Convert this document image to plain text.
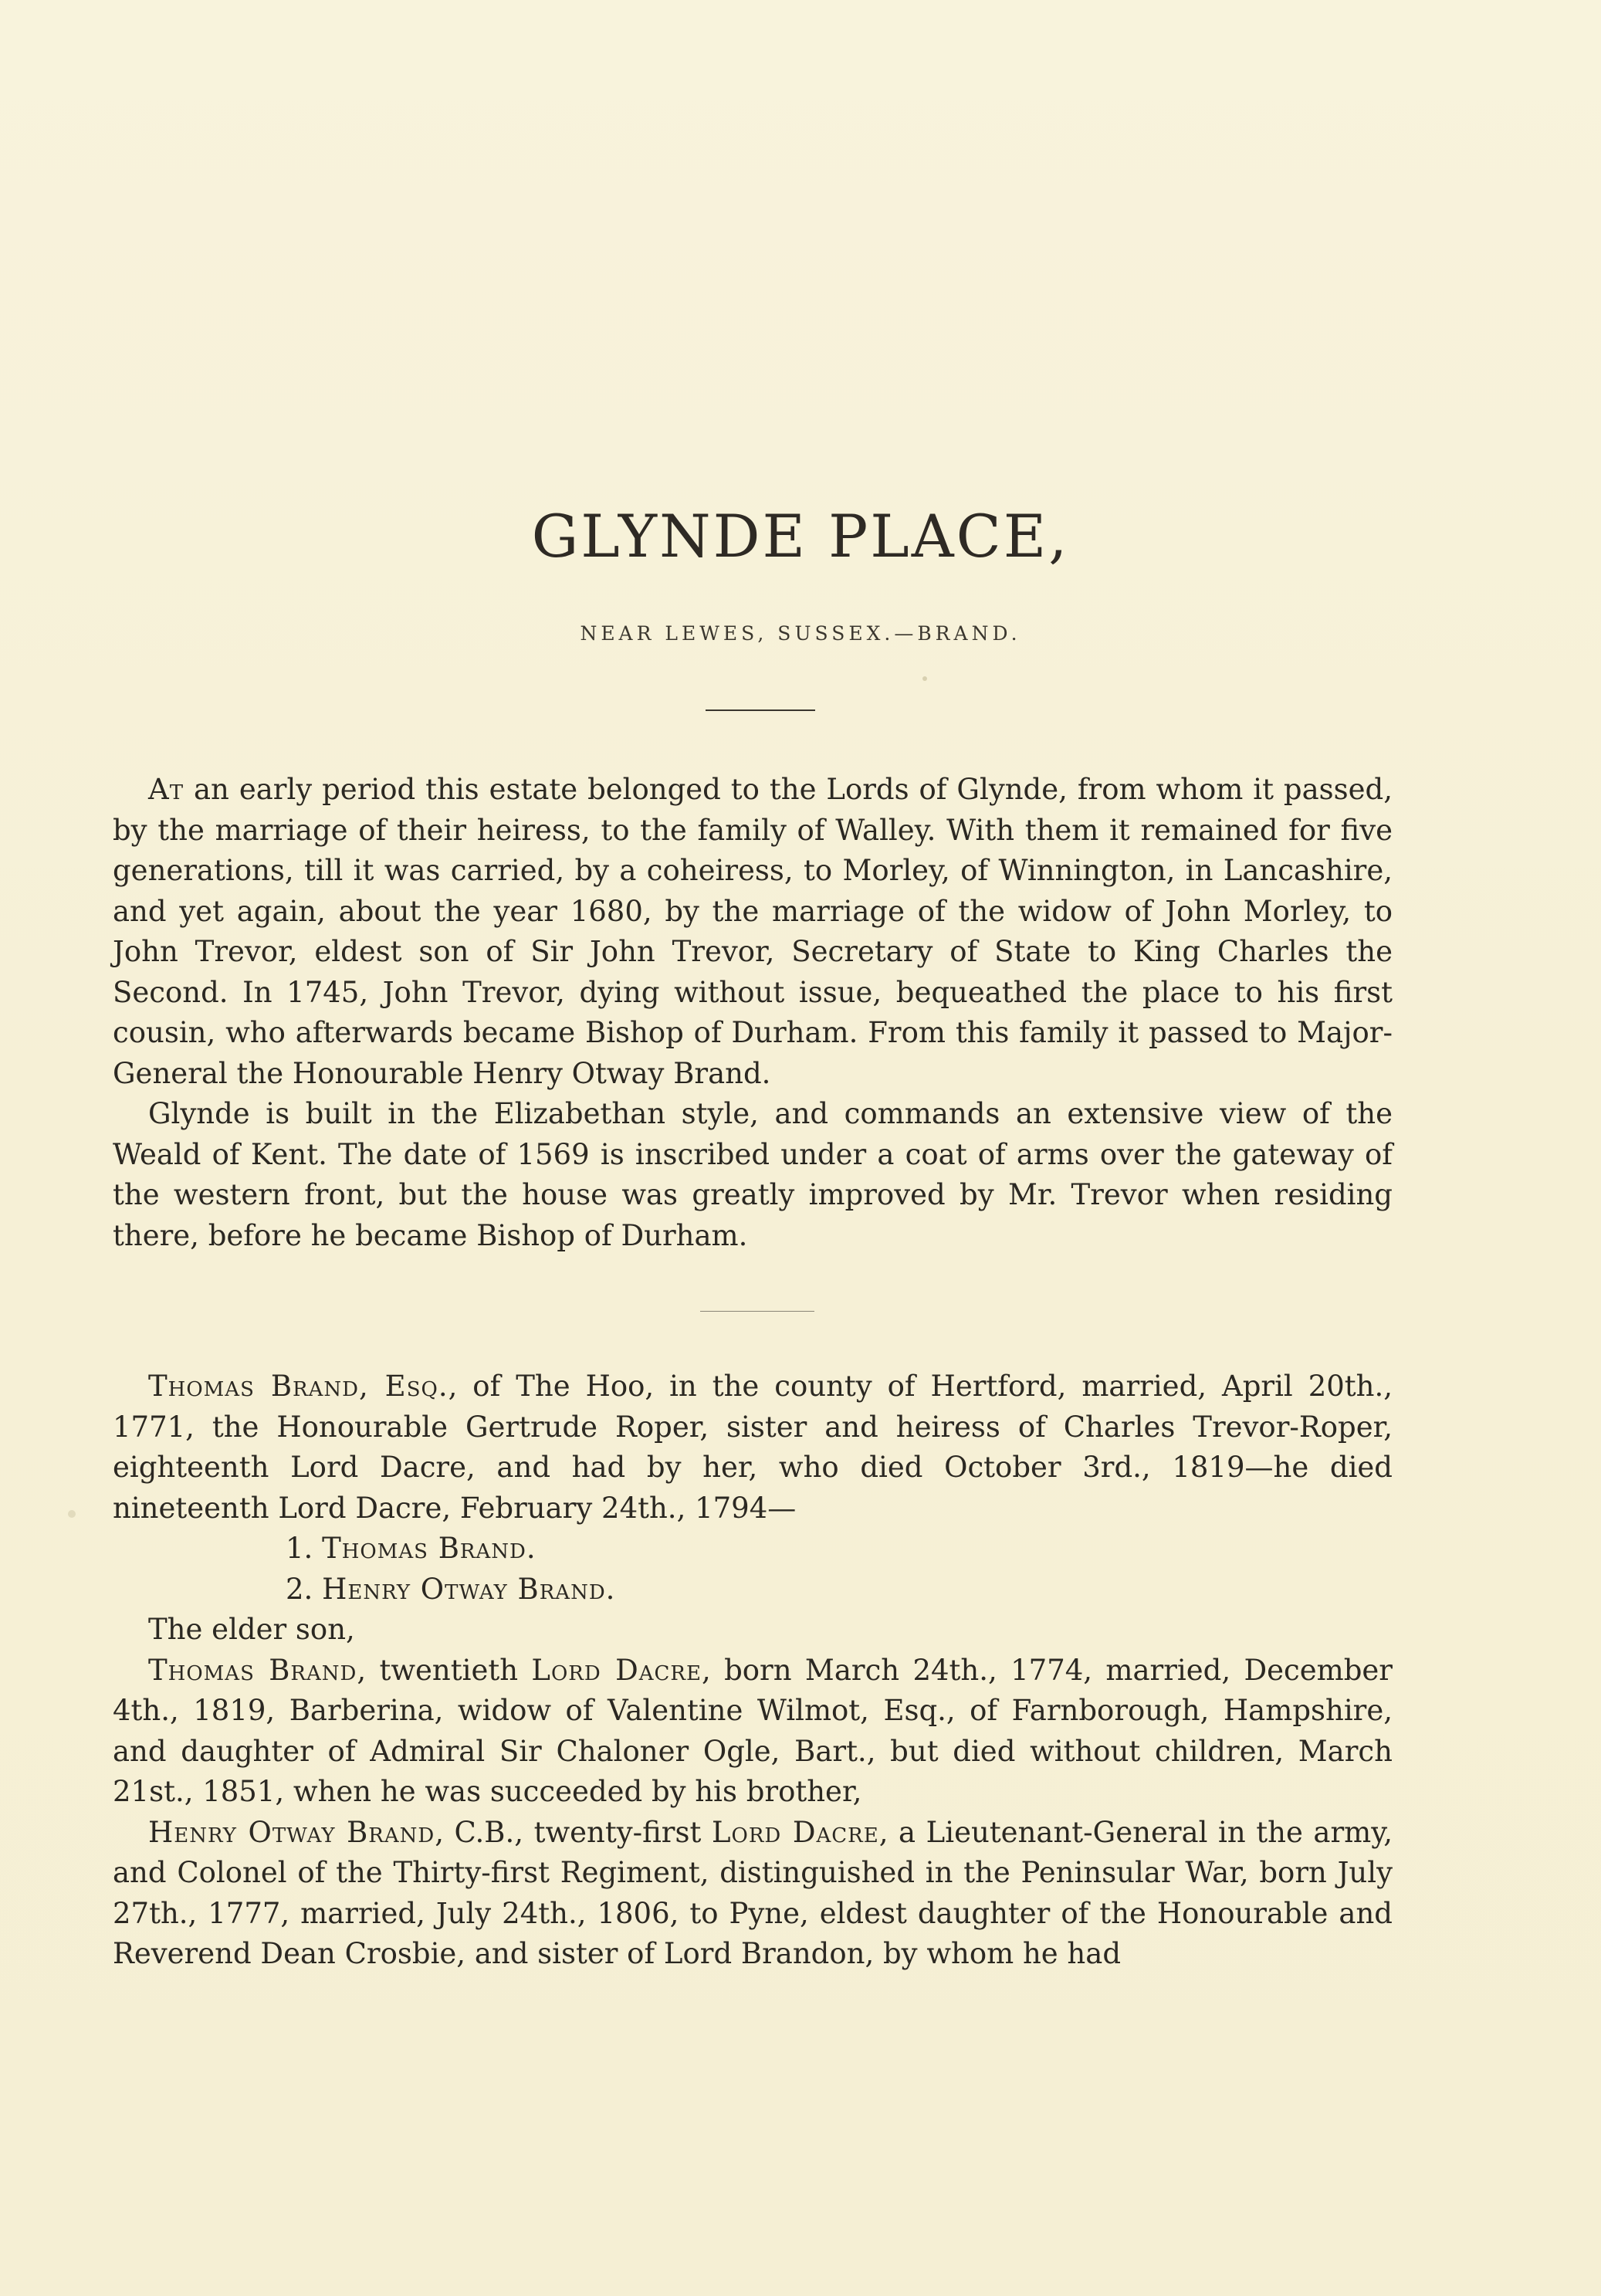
GLYNDE PLACE,
NEAR LEWES, SUSSEX.—BRAND.

At an early period this estate belonged to the Lords of Glynde, from whom it passed, by the marriage of their heiress, to the family of Walley. With them it remained for five generations, till it was carried, by a coheiress, to Morley, of Winnington, in Lancashire, and yet again, about the year 1680, by the marriage of the widow of John Morley, to John Trevor, eldest son of Sir John Trevor, Secretary of State to King Charles the Second. In 1745, John Trevor, dying without issue, bequeathed the place to his first cousin, who afterwards became Bishop of Durham. From this family it passed to Major-General the Honourable Henry Otway Brand.

Glynde is built in the Elizabethan style, and commands an extensive view of the Weald of Kent. The date of 1569 is inscribed under a coat of arms over the gateway of the western front, but the house was greatly improved by Mr. Trevor when residing there, before he became Bishop of Durham.

Thomas Brand, Esq., of The Hoo, in the county of Hertford, married, April 20th., 1771, the Honourable Gertrude Roper, sister and heiress of Charles Trevor-Roper, eighteenth Lord Dacre, and had by her, who died October 3rd., 1819—he died nineteenth Lord Dacre, February 24th., 1794—

1. Thomas Brand.

2. Henry Otway Brand.

The elder son,

Thomas Brand, twentieth Lord Dacre, born March 24th., 1774, married, December 4th., 1819, Barberina, widow of Valentine Wilmot, Esq., of Farnborough, Hampshire, and daughter of Admiral Sir Chaloner Ogle, Bart., but died without children, March 21st., 1851, when he was succeeded by his brother,

Henry Otway Brand, C.B., twenty-first Lord Dacre, a Lieutenant-General in the army, and Colonel of the Thirty-first Regiment, distinguished in the Peninsular War, born July 27th., 1777, married, July 24th., 1806, to Pyne, eldest daughter of the Honourable and Reverend Dean Crosbie, and sister of Lord Brandon, by whom he had
